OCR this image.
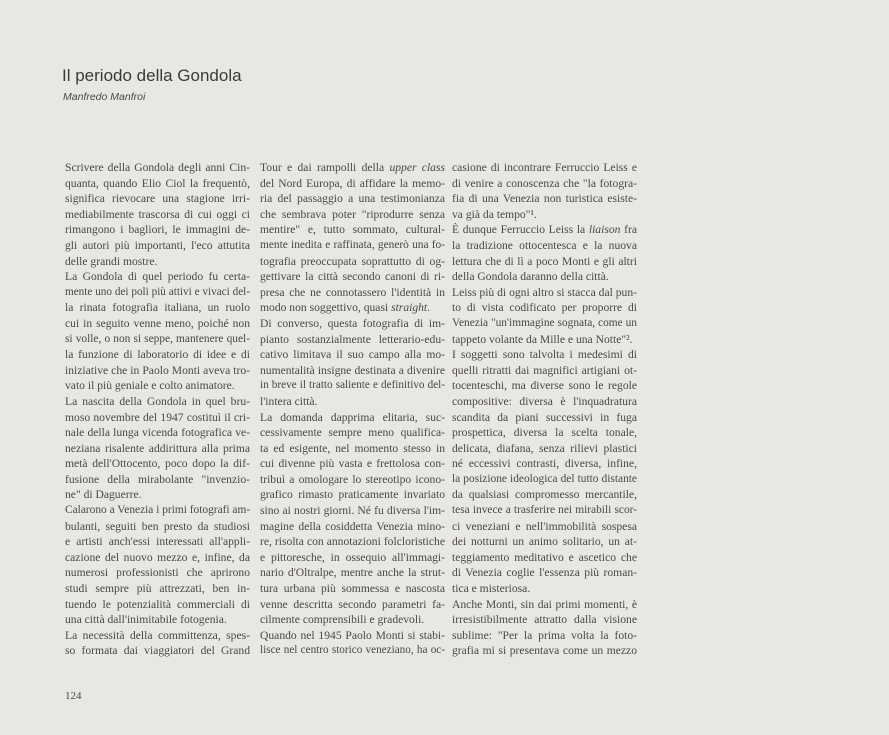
Il periodo della Gondola
Manfredo Manfroi
Scrivere della Gondola degli anni Cin-
quanta, quando Elio Ciol la frequentò,
significa rievocare una stagione irri-
mediabilmente trascorsa di cui oggi ci
rimangono i bagliori, le immagini de-
gli autori più importanti, l'eco attutita
delle grandi mostre.
La Gondola di quel periodo fu certa-
mente uno dei poli più attivi e vivaci del-
la rinata fotografia italiana, un ruolo
cui in seguito venne meno, poiché non
si volle, o non si seppe, mantenere quel-
la funzione di laboratorio di idee e di
iniziative che in Paolo Monti aveva tro-
vato il più geniale e colto animatore.
La nascita della Gondola in quel bru-
moso novembre del 1947 costituì il cri-
nale della lunga vicenda fotografica ve-
neziana risalente addirittura alla prima
metà dell'Ottocento, poco dopo la dif-
fusione della mirabolante "invenzio-
ne" di Daguerre.
Calarono a Venezia i primi fotografi am-
bulanti, seguiti ben presto da studiosi
e artisti anch'essi interessati all'appli-
cazione del nuovo mezzo e, infine, da
numerosi professionisti che aprirono
studi sempre più attrezzati, ben in-
tuendo le potenzialità commerciali di
una città dall'inimitabile fotogenia.
La necessità della committenza, spes-
so formata dai viaggiatori del Grand
Tour e dai rampolli della upper class
del Nord Europa, di affidare la memo-
ria del passaggio a una testimonianza
che sembrava poter "riprodurre senza
mentire" e, tutto sommato, cultural-
mente inedita e raffinata, generò una fo-
tografia preoccupata soprattutto di og-
gettivare la città secondo canoni di ri-
presa che ne connotassero l'identità in
modo non soggettivo, quasi straight.
Di converso, questa fotografia di im-
pianto sostanzialmente letterario-edu-
cativo limitava il suo campo alla mo-
numentalità insigne destinata a divenire
in breve il tratto saliente e definitivo del-
l'intera città.
La domanda dapprima elitaria, suc-
cessivamente sempre meno qualifica-
ta ed esigente, nel momento stesso in
cui divenne più vasta e frettolosa con-
tribuì a omologare lo stereotipo icono-
grafico rimasto praticamente invariato
sino ai nostri giorni. Né fu diversa l'im-
magine della cosiddetta Venezia mino-
re, risolta con annotazioni folcloristiche
e pittoresche, in ossequio all'immagi-
nario d'Oltralpe, mentre anche la strut-
tura urbana più sommessa e nascosta
venne descritta secondo parametri fa-
cilmente comprensibili e gradevoli.
Quando nel 1945 Paolo Monti si stabi-
lisce nel centro storico veneziano, ha oc-
casione di incontrare Ferruccio Leiss e
di venire a conoscenza che "la fotogra-
fia di una Venezia non turistica esiste-
va già da tempo"¹.
È dunque Ferruccio Leiss la liaison fra
la tradizione ottocentesca e la nuova
lettura che di lì a poco Monti e gli altri
della Gondola daranno della città.
Leiss più di ogni altro si stacca dal pun-
to di vista codificato per proporre di
Venezia "un'immagine sognata, come un
tappeto volante da Mille e una Notte"².
I soggetti sono talvolta i medesimi di
quelli ritratti dai magnifici artigiani ot-
tocenteschi, ma diverse sono le regole
compositive: diversa è l'inquadratura
scandita da piani successivi in fuga
prospettica, diversa la scelta tonale,
delicata, diafana, senza rilievi plastici
né eccessivi contrasti, diversa, infine,
la posizione ideologica del tutto distante
da qualsiasi compromesso mercantile,
tesa invece a trasferire nei mirabili scor-
ci veneziani e nell'immobilità sospesa
dei notturni un animo solitario, un at-
teggiamento meditativo e ascetico che
di Venezia coglie l'essenza più roman-
tica e misteriosa.
Anche Monti, sin dai primi momenti, è
irresistibilmente attratto dalla visione
sublime: "Per la prima volta la foto-
grafia mi si presentava come un mezzo
124
